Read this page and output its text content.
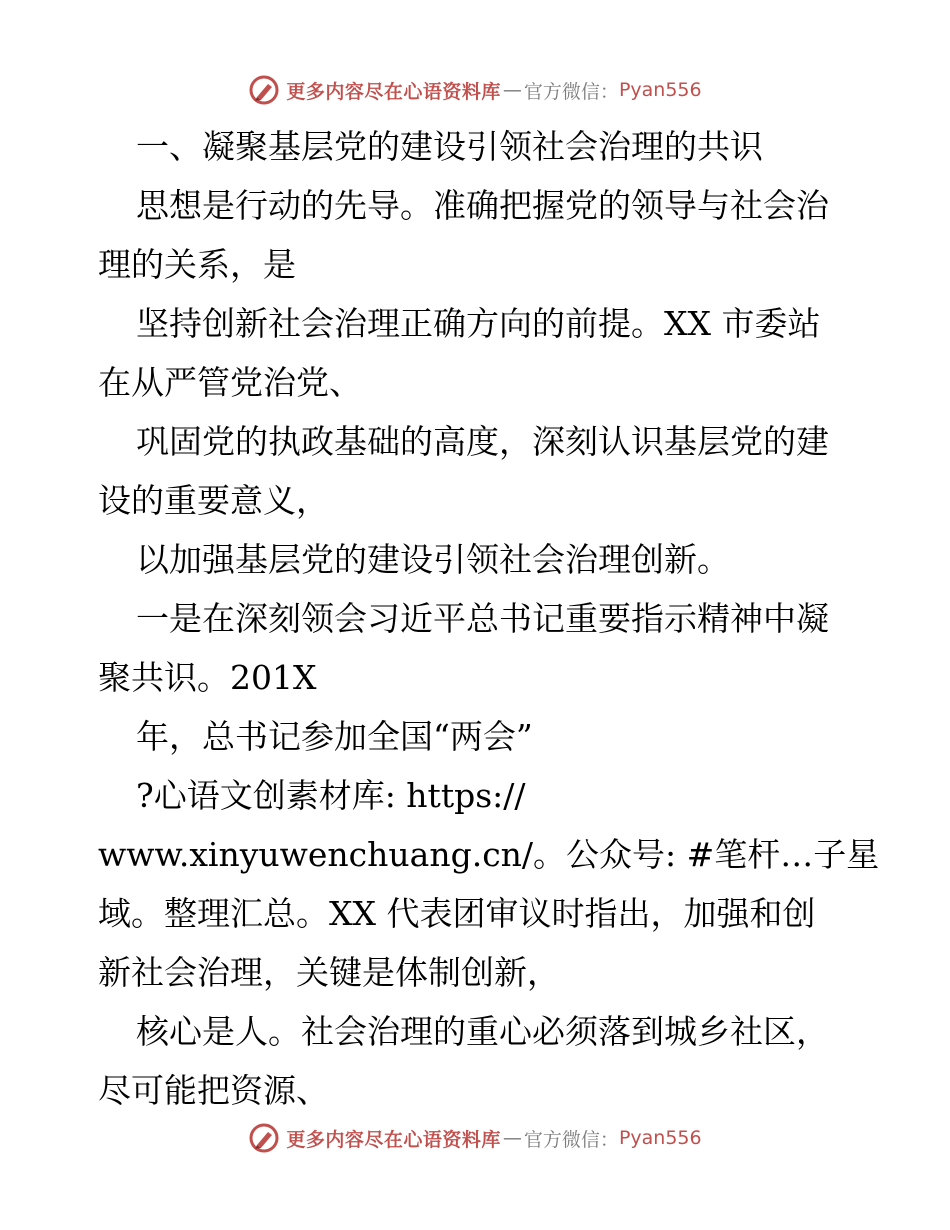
更多内容尽在心语资料库 — 官方微信： Pyan556
一、凝聚基层党的建设引领社会治理的共识
思想是行动的先导。准确把握党的领导与社会治
理的关系，是
坚持创新社会治理正确方向的前提。XX 市委站
在从严管党治党、
巩固党的执政基础的高度，深刻认识基层党的建
设的重要意义，
以加强基层党的建设引领社会治理创新。
一是在深刻领会习近平总书记重要指示精神中凝
聚共识。201X
年，总书记参加全国“两会”
?心语文创素材库: https://
www.xinyuwenchuang.cn/。公众号: #笔杆…子星
域。整理汇总。XX 代表团审议时指出，加强和创
新社会治理，关键是体制创新，
核心是人。社会治理的重心必须落到城乡社区，
尽可能把资源、
更多内容尽在心语资料库 — 官方微信： Pyan556
